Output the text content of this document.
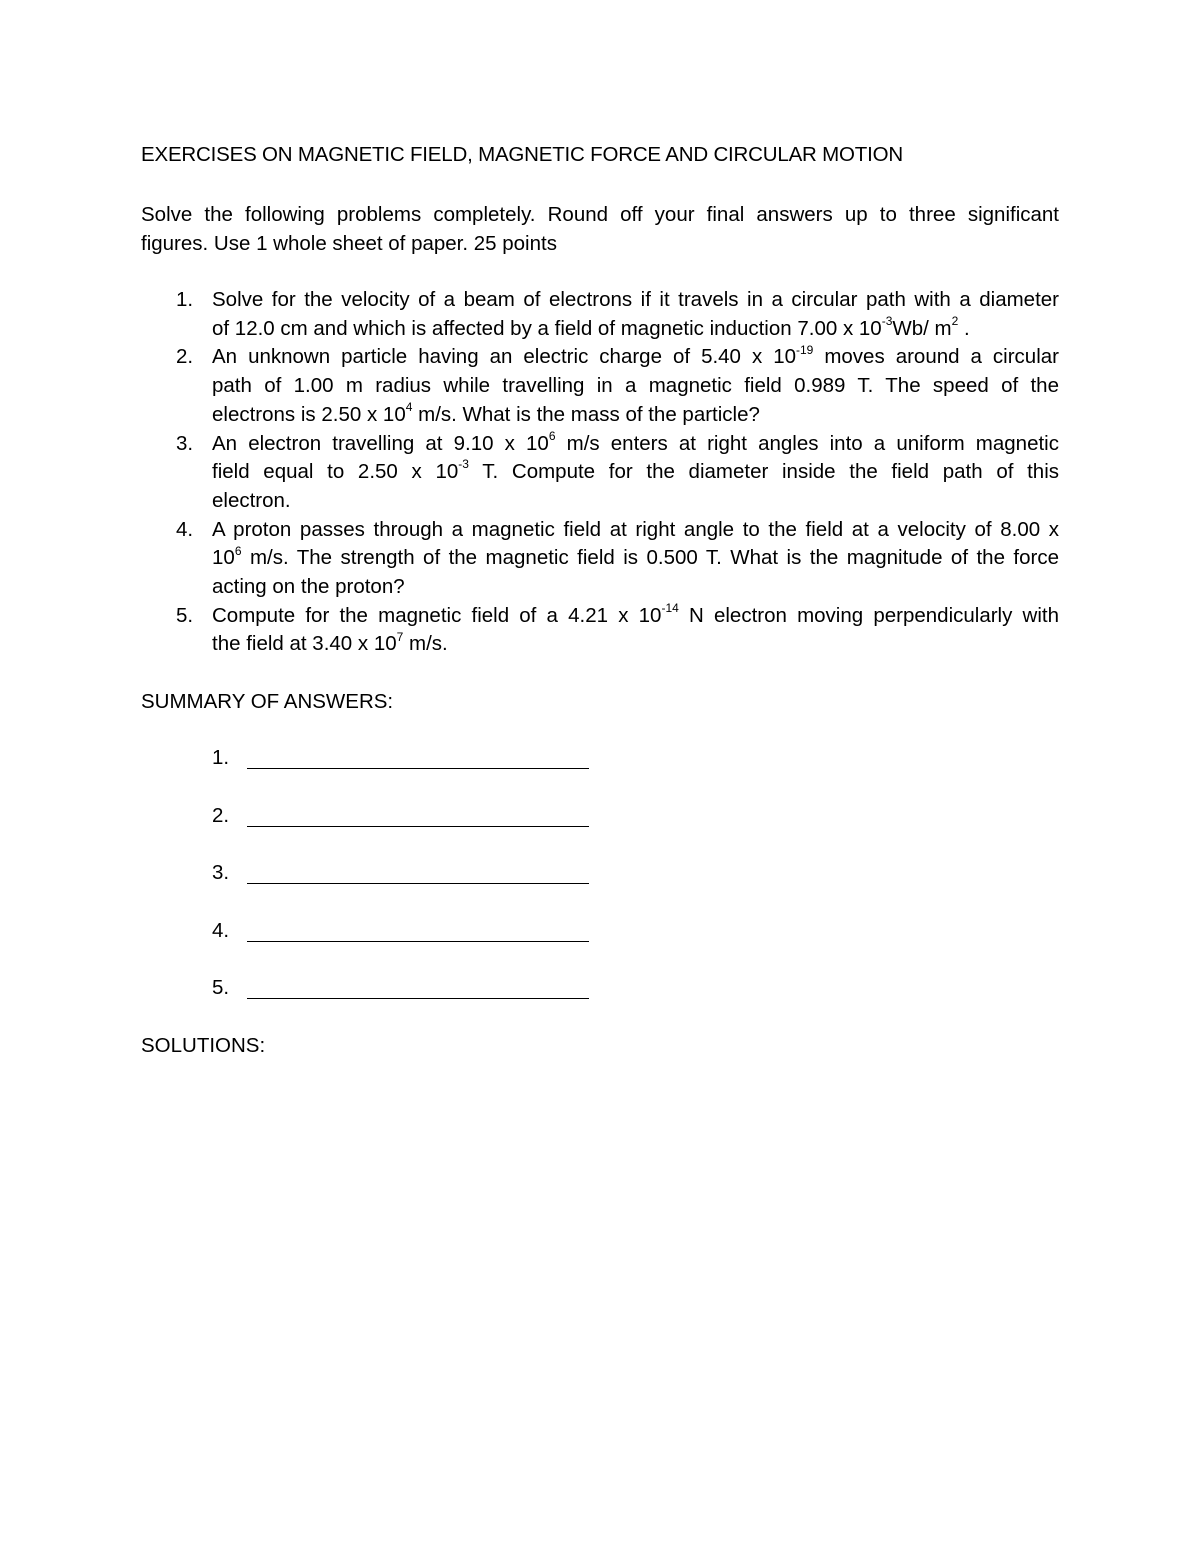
EXERCISES ON MAGNETIC FIELD, MAGNETIC FORCE AND CIRCULAR MOTION
Solve the following problems completely. Round off your final answers up to three significant
figures. Use 1 whole sheet of paper. 25 points
1. Solve for the velocity of a beam of electrons if it travels in a circular path with a diameter
of 12.0 cm and which is affected by a field of magnetic induction 7.00 x $10^{-3}Wb/$ $m^2$ .
2. An unknown particle having an electric charge of 5.40 x $10^{-19}$ moves around a circular
path of 1.00 m radius while travelling in a magnetic field 0.989 T. The speed of the
electrons is 2.50 x $10^4$ m/s. What is the mass of the particle?
3. An electron travelling at 9.10 x $10^6$ m/s enters at right angles into a uniform magnetic
field equal to 2.50 x $10^{-3}$ T. Compute for the diameter inside the field path of this
electron.
4. A proton passes through a magnetic field at right angle to the field at a velocity of 8.00 x
$10^6$ m/s. The strength of the magnetic field is 0.500 T. What is the magnitude of the force
acting on the proton?
5. Compute for the magnetic field of a 4.21 x $10^{-14}$ N electron moving perpendicularly with
the field at 3.40 x $10^7$ m/s.
SUMMARY OF ANSWERS:
1.
2.
3.
4.
5.
SOLUTIONS:
